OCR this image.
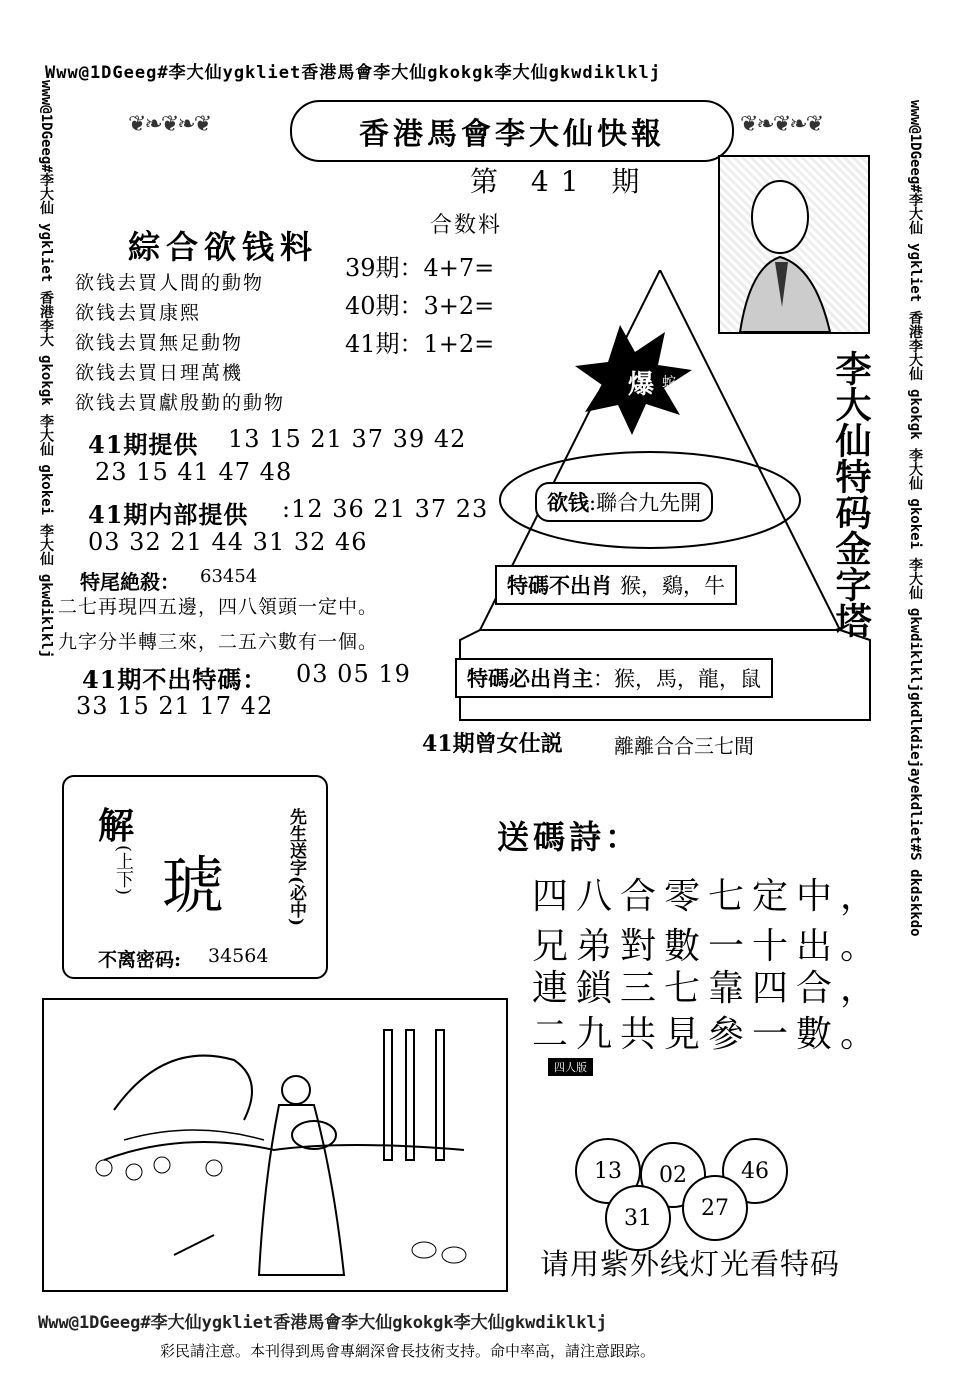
Www@1DGeeg#李大仙ygkliet香港馬會李大仙gkokgk李大仙gkwdiklklj
Www@1DGeeg#李大仙ygkliet香港馬會李大仙gkokgk李大仙gkwdiklklj
www@1DGeeg#李大仙 ygkliet 香港李大 gkokgk 李大仙 gkokei 李大仙 gkwdiklklj	www@1DGeeg#李大仙 ygkliet 香港李大仙 gkokgk 李大仙 gkokei 李大仙 gkwdiklkljgkdlkdiejayekdliet#S dkdskkdo
❦❧❦❧❦	香港馬會李大仙快報	❦❧❦❧❦
第 41 期
合数料
39期：4+7=
40期：3+2=
41期：1+2=
綜合欲钱料
欲钱去買人間的動物
欲钱去買康熙
欲钱去買無足動物
欲钱去買日理萬機
欲钱去買獻殷勤的動物
41期提供 13 15 21 37 39 42
23 15 41 47 48
41期内部提供 :12 36 21 37 23
03 32 21 44 31 32 46
特尾絶殺： 63454
二七再現四五邊，四八領頭一定中。
九字分半轉三來，二五六數有一個。
41期不出特碼： 03 05 19
33 15 21 17 42
爆 蛇
欲钱 :聯合九先開
特碼不出肖 猴，鷄，牛
特碼必出肖主 ：猴，馬，龍，鼠
李大仙特码金字塔
41期曾女仕説	離離合合三七間
解
(上下) 琥	先生送字(必中)
不离密码: 34564
送碼詩：
四八合零七定中，
兄弟對數一十出。
連鎖三七靠四合，
二九共見參一數。
四人版
13	02	46
31	27
请用紫外线灯光看特码
彩民請注意。本刊得到馬會專網深會長技術支持。命中率高，請注意跟踪。
